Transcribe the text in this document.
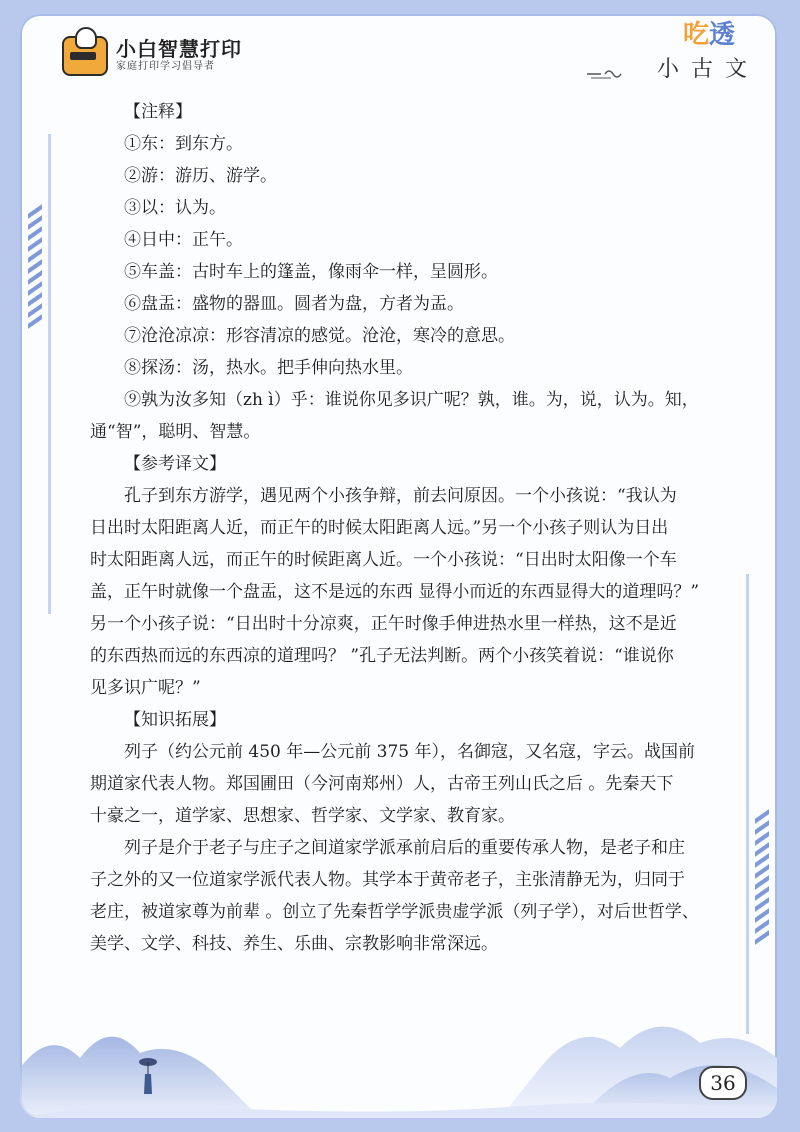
小白智慧打印
家庭打印学习倡导者
吃透
小古文
【注释】
①东：到东方。
②游：游历、游学。
③以：认为。
④日中：正午。
⑤车盖：古时车上的篷盖，像雨伞一样，呈圆形。
⑥盘盂：盛物的器皿。圆者为盘，方者为盂。
⑦沧沧凉凉：形容清凉的感觉。沧沧，寒冷的意思。
⑧探汤：汤，热水。把手伸向热水里。
⑨孰为汝多知（zh ì）乎：谁说你见多识广呢？孰，谁。为，说，认为。知，
通“智”，聪明、智慧。
【参考译文】
孔子到东方游学，遇见两个小孩争辩，前去问原因。一个小孩说：“我认为
日出时太阳距离人近，而正午的时候太阳距离人远。”另一个小孩子则认为日出
时太阳距离人远，而正午的时候距离人近。一个小孩说：“日出时太阳像一个车
盖，正午时就像一个盘盂，这不是远的东西 显得小而近的东西显得大的道理吗？”
另一个小孩子说：“日出时十分凉爽，正午时像手伸进热水里一样热，这不是近
的东西热而远的东西凉的道理吗？ ”孔子无法判断。两个小孩笑着说：“谁说你
见多识广呢？”
【知识拓展】
列子（约公元前 450 年—公元前 375 年），名御寇，又名寇，字云。战国前
期道家代表人物。郑国圃田（今河南郑州）人，古帝王列山氏之后 。先秦天下
十豪之一，道学家、思想家、哲学家、文学家、教育家。
列子是介于老子与庄子之间道家学派承前启后的重要传承人物，是老子和庄
子之外的又一位道家学派代表人物。其学本于黄帝老子，主张清静无为，归同于
老庄，被道家尊为前辈 。创立了先秦哲学学派贵虚学派（列子学），对后世哲学、
美学、文学、科技、养生、乐曲、宗教影响非常深远。
36
